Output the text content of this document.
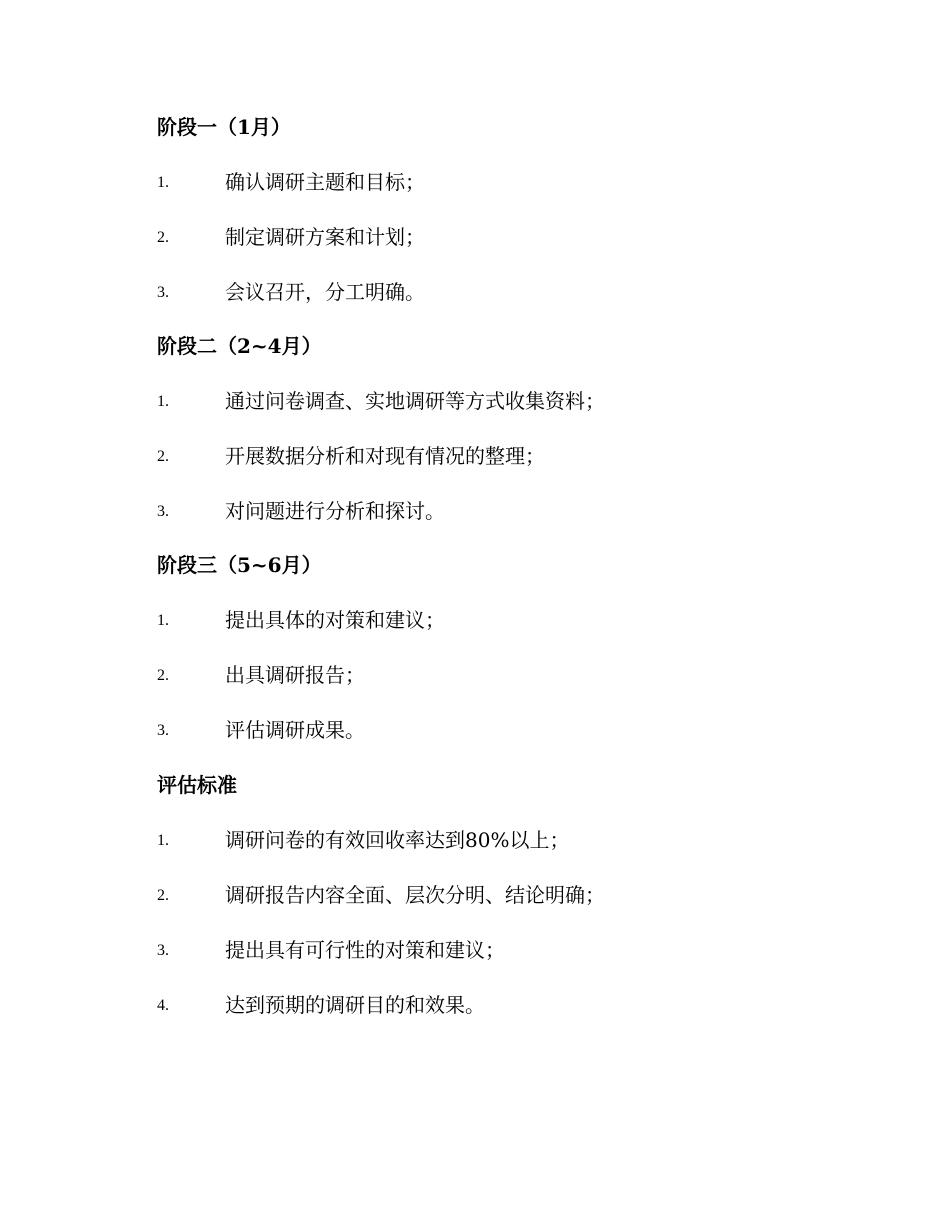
阶段一（1月）
1.	确认调研主题和目标；
2.	制定调研方案和计划；
3.	会议召开，分工明确。
阶段二（2~4月）
1.	通过问卷调查、实地调研等方式收集资料；
2.	开展数据分析和对现有情况的整理；
3.	对问题进行分析和探讨。
阶段三（5~6月）
1.	提出具体的对策和建议；
2.	出具调研报告；
3.	评估调研成果。
评估标准
1.	调研问卷的有效回收率达到80%以上；
2.	调研报告内容全面、层次分明、结论明确；
3.	提出具有可行性的对策和建议；
4.	达到预期的调研目的和效果。
